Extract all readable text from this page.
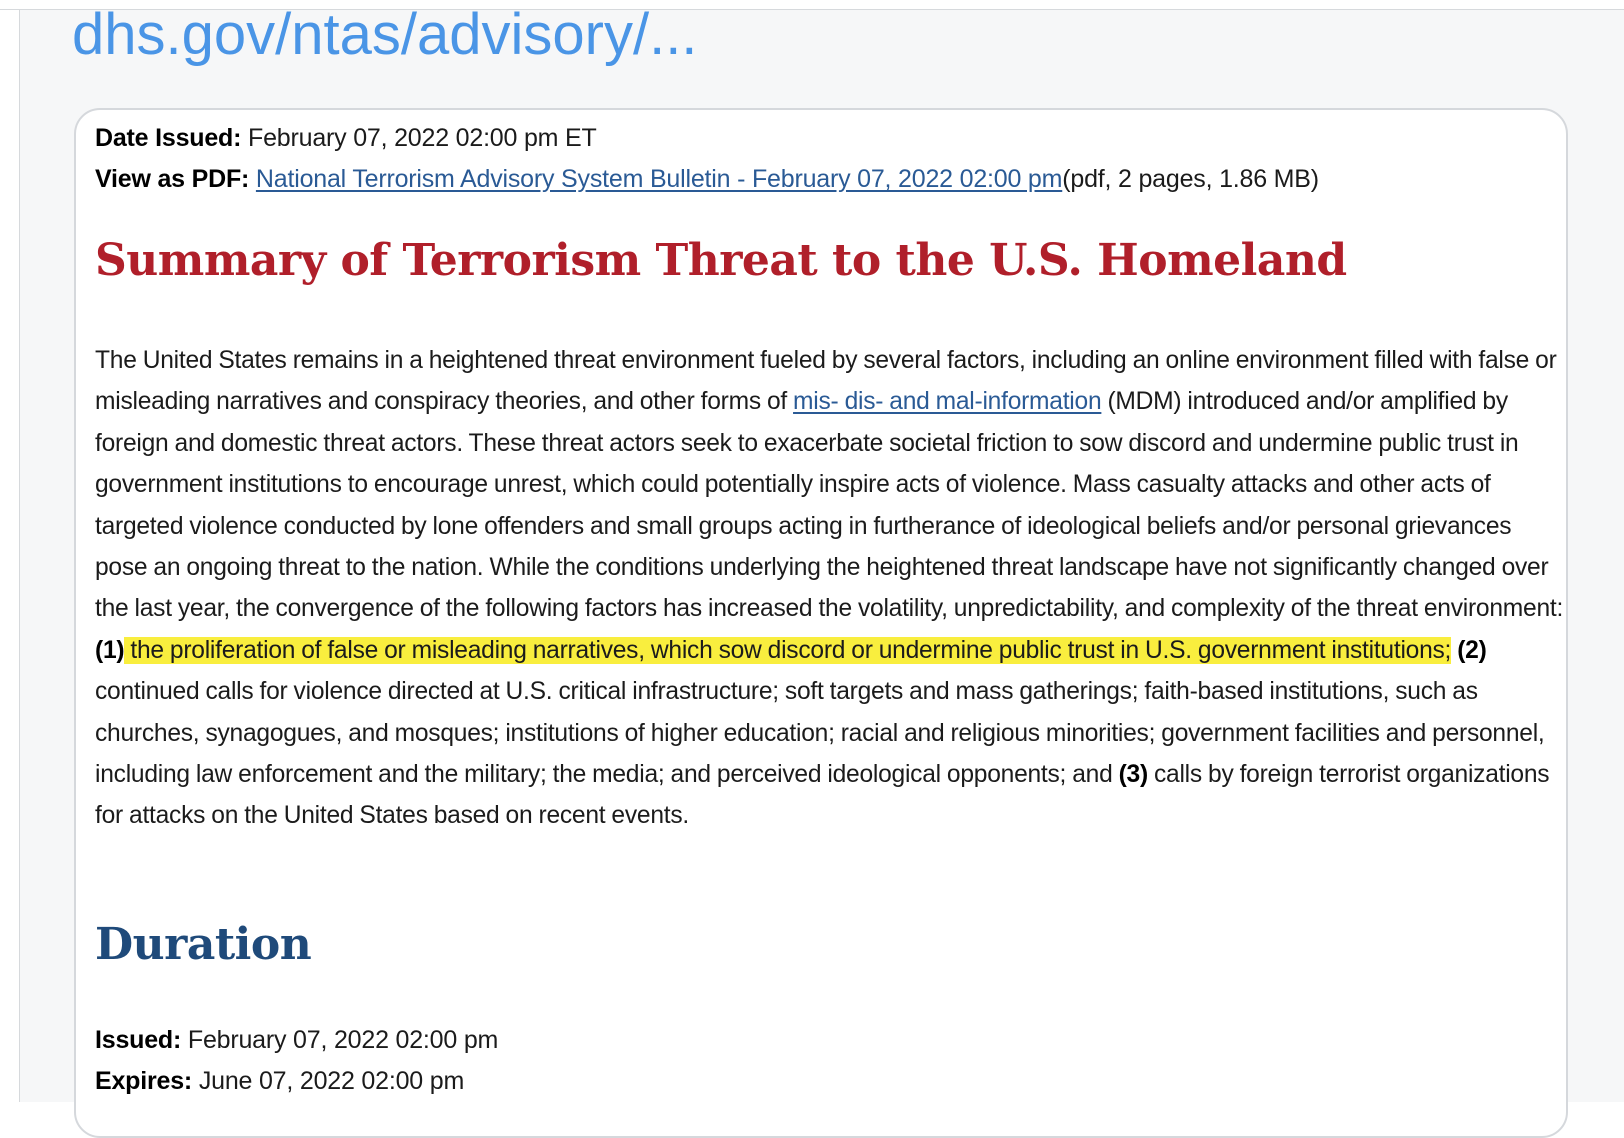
dhs.gov/ntas/advisory/...
Date Issued: February 07, 2022 02:00 pm ET
View as PDF: National Terrorism Advisory System Bulletin - February 07, 2022 02:00 pm(pdf, 2 pages, 1.86 MB)
Summary of Terrorism Threat to the U.S. Homeland

The United States remains in a heightened threat environment fueled by several factors, including an online environment filled with false or misleading narratives and conspiracy theories, and other forms of mis- dis- and mal-information (MDM) introduced and/or amplified by foreign and domestic threat actors. These threat actors seek to exacerbate societal friction to sow discord and undermine public trust in government institutions to encourage unrest, which could potentially inspire acts of violence. Mass casualty attacks and other acts of targeted violence conducted by lone offenders and small groups acting in furtherance of ideological beliefs and/or personal grievances pose an ongoing threat to the nation. While the conditions underlying the heightened threat landscape have not significantly changed over the last year, the convergence of the following factors has increased the volatility, unpredictability, and complexity of the threat environment: (1) the proliferation of false or misleading narratives, which sow discord or undermine public trust in U.S. government institutions; (2) continued calls for violence directed at U.S. critical infrastructure; soft targets and mass gatherings; faith-based institutions, such as churches, synagogues, and mosques; institutions of higher education; racial and religious minorities; government facilities and personnel, including law enforcement and the military; the media; and perceived ideological opponents; and (3) calls by foreign terrorist organizations for attacks on the United States based on recent events.

Duration
Issued: February 07, 2022 02:00 pm
Expires: June 07, 2022 02:00 pm
